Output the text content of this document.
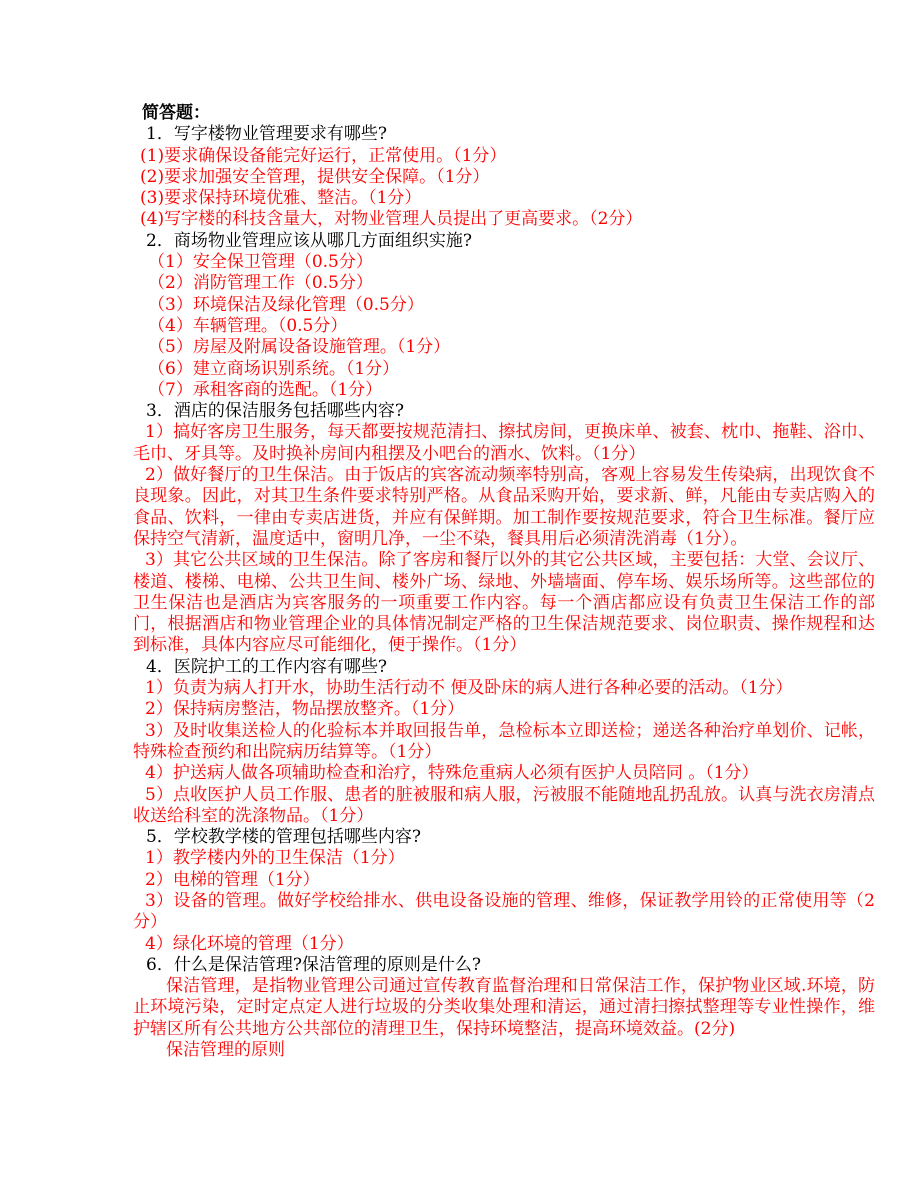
简答题：

1．写字楼物业管理要求有哪些?

(1)要求确保设备能完好运行，正常使用。（1分）

(2)要求加强安全管理，提供安全保障。（1分）

(3)要求保持环境优雅、整洁。（1分）

(4)写字楼的科技含量大，对物业管理人员提出了更高要求。（2分）

2．商场物业管理应该从哪几方面组织实施?

（1）安全保卫管理（0.5分）

（2）消防管理工作（0.5分）

（3）环境保洁及绿化管理（0.5分）

（4）车辆管理。（0.5分）

（5）房屋及附属设备设施管理。（1分）

（6）建立商场识别系统。（1分）

（7）承租客商的选配。（1分）

3．酒店的保洁服务包括哪些内容?

1）搞好客房卫生服务，每天都要按规范清扫、擦拭房间，更换床单、被套、枕巾、拖鞋、浴巾、毛巾、牙具等。及时换补房间内租摆及小吧台的酒水、饮料。（1分）

2）做好餐厅的卫生保洁。由于饭店的宾客流动频率特别高，客观上容易发生传染病，出现饮食不良现象。因此，对其卫生条件要求特别严格。从食品采购开始，要求新、鲜，凡能由专卖店购入的食品、饮料，一律由专卖店进货，并应有保鲜期。加工制作要按规范要求，符合卫生标准。餐厅应保持空气清新，温度适中，窗明几净，一尘不染，餐具用后必须清洗消毒（1分）。

3）其它公共区域的卫生保洁。除了客房和餐厅以外的其它公共区域，主要包括：大堂、会议厅、楼道、楼梯、电梯、公共卫生间、楼外广场、绿地、外墙墙面、停车场、娱乐场所等。这些部位的卫生保洁也是酒店为宾客服务的一项重要工作内容。每一个酒店都应设有负责卫生保洁工作的部门，根据酒店和物业管理企业的具体情况制定严格的卫生保洁规范要求、岗位职责、操作规程和达到标准，具体内容应尽可能细化，便于操作。（1分）

4．医院护工的工作内容有哪些?

1）负责为病人打开水，协助生活行动不 便及卧床的病人进行各种必要的活动。（1分）

2）保持病房整洁，物品摆放整齐。（1分）

3）及时收集送检人的化验标本并取回报告单，急检标本立即送检；递送各种治疗单划价、记帐，特殊检查预约和出院病历结算等。（1分）

4）护送病人做各项辅助检查和治疗，特殊危重病人必须有医护人员陪同 。（1分）

5）点收医护人员工作服、患者的脏被服和病人服，污被服不能随地乱扔乱放。认真与洗衣房清点收送给科室的洗涤物品。（1分）

5．学校教学楼的管理包括哪些内容?

1）教学楼内外的卫生保洁（1分）

2）电梯的管理（1分）

3）设备的管理。做好学校给排水、供电设备设施的管理、维修，保证教学用铃的正常使用等（2分）

4）绿化环境的管理（1分）

6．什么是保洁管理?保洁管理的原则是什么?

保洁管理，是指物业管理公司通过宣传教育监督治理和日常保洁工作，保护物业区域.环境，防止环境污染，定时定点定人进行垃圾的分类收集处理和清运，通过清扫擦拭整理等专业性操作，维护辖区所有公共地方公共部位的清理卫生，保持环境整洁，提高环境效益。(2分)

保洁管理的原则
